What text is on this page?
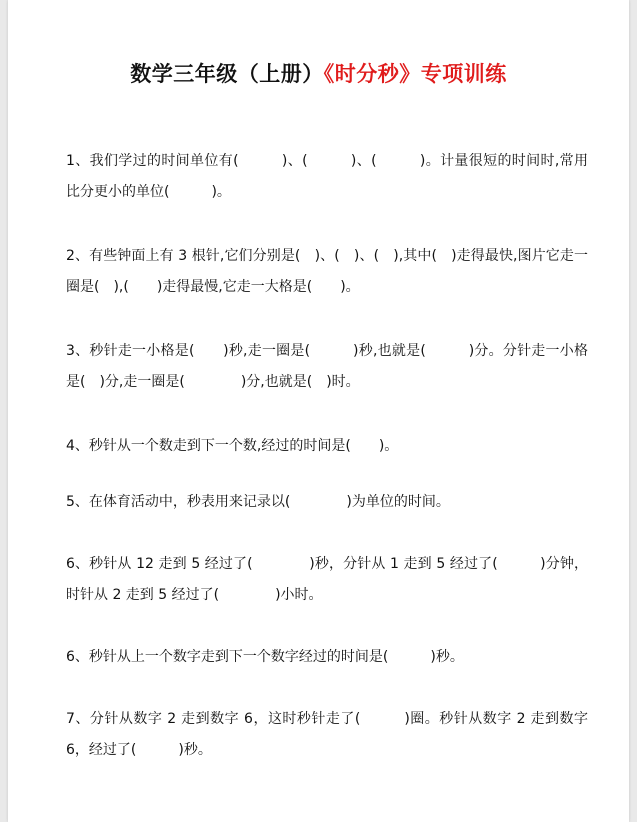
数学三年级（上册）《时分秒》专项训练

1、我们学过的时间单位有(　　　)、(　　　)、(　　　)。计量很短的时间时,常用比分更小的单位(　　　)。

2、有些钟面上有 3 根针,它们分别是(　)、(　)、(　),其中(　)走得最快,图片它走一圈是(　),(　　)走得最慢,它走一大格是(　　)。

3、秒针走一小格是(　　)秒,走一圈是(　　　)秒,也就是(　　　)分。分针走一小格是(　)分,走一圈是(　　　　)分,也就是(　)时。

4、秒针从一个数走到下一个数,经过的时间是(　　)。

5、在体育活动中，秒表用来记录以(　　　　)为单位的时间。

6、秒针从 12 走到 5 经过了(　　　　)秒，分针从 1 走到 5 经过了(　　　)分钟，时针从 2 走到 5 经过了(　　　　)小时。

6、秒针从上一个数字走到下一个数字经过的时间是(　　　)秒。

7、分针从数字 2 走到数字 6，这时秒针走了(　　　)圈。秒针从数字 2 走到数字 6，经过了(　　　)秒。
